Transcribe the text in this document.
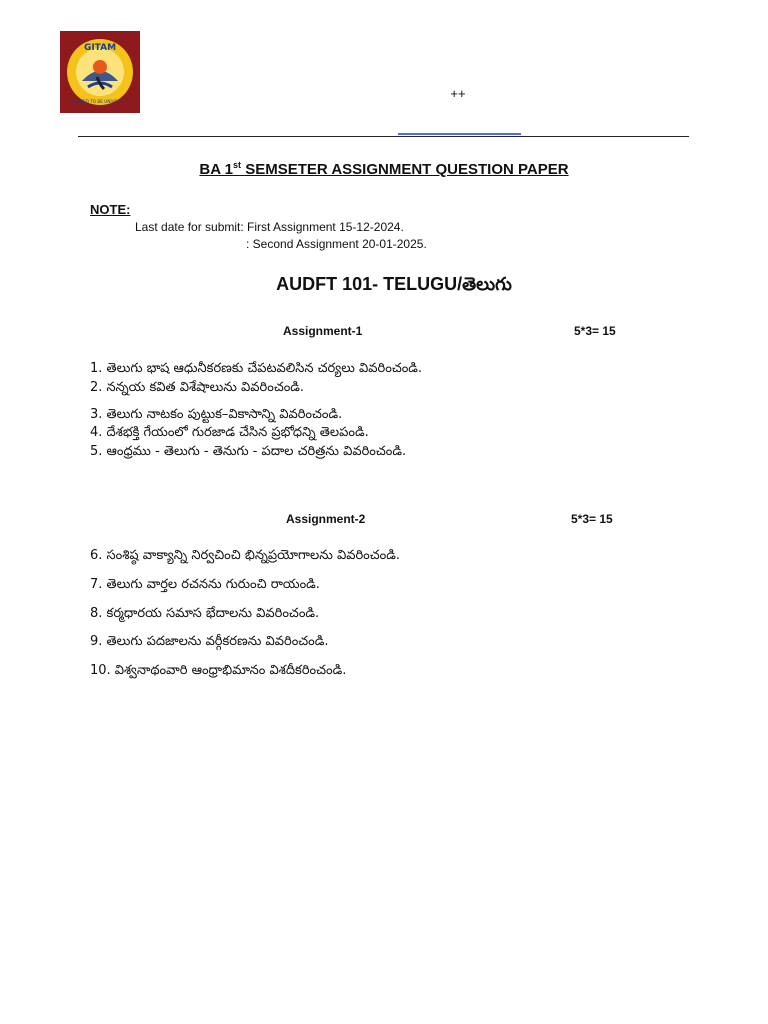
GITAM
DEEMED TO BE UNIVERSITY
++
BA 1st SEMSETER ASSIGNMENT QUESTION PAPER
NOTE:
Last date for submit: First Assignment 15-12-2024.
: Second Assignment 20-01-2025.
AUDFT 101- TELUGU/తెలుగు
Assignment-1	5*3= 15
1. తెలుగు భాష ఆధునీకరణకు చేపటవలిసిన చర్యలు వివరించండి.
2. నన్నయ కవిత విశేషాలును వివరించండి.
3. తెలుగు నాటకం పుట్టుక–వికాసాన్ని వివరించండి.
4. దేశభక్తి గేయంలో గురజాడ చేసిన ప్రభోధన్ని తెలపండి.
5. ఆంధ్రము - తెలుగు - తెనుగు - పదాల చరిత్రను వివరించండి.
Assignment-2	5*3= 15
6. సంశిష్ఠ వాక్యాన్ని నిర్వచించి భిన్నప్రయోగాలను వివరించండి.
7. తెలుగు వార్తల రచనను గురుంచి రాయండి.
8. కర్మధారయ సమాస భేదాలను వివరించండి.
9. తెలుగు పదజాలను వర్గీకరణను వివరించండి.
10. విశ్వనాథంవారి ఆంధ్రాభిమానం విశదీకరించండి.
